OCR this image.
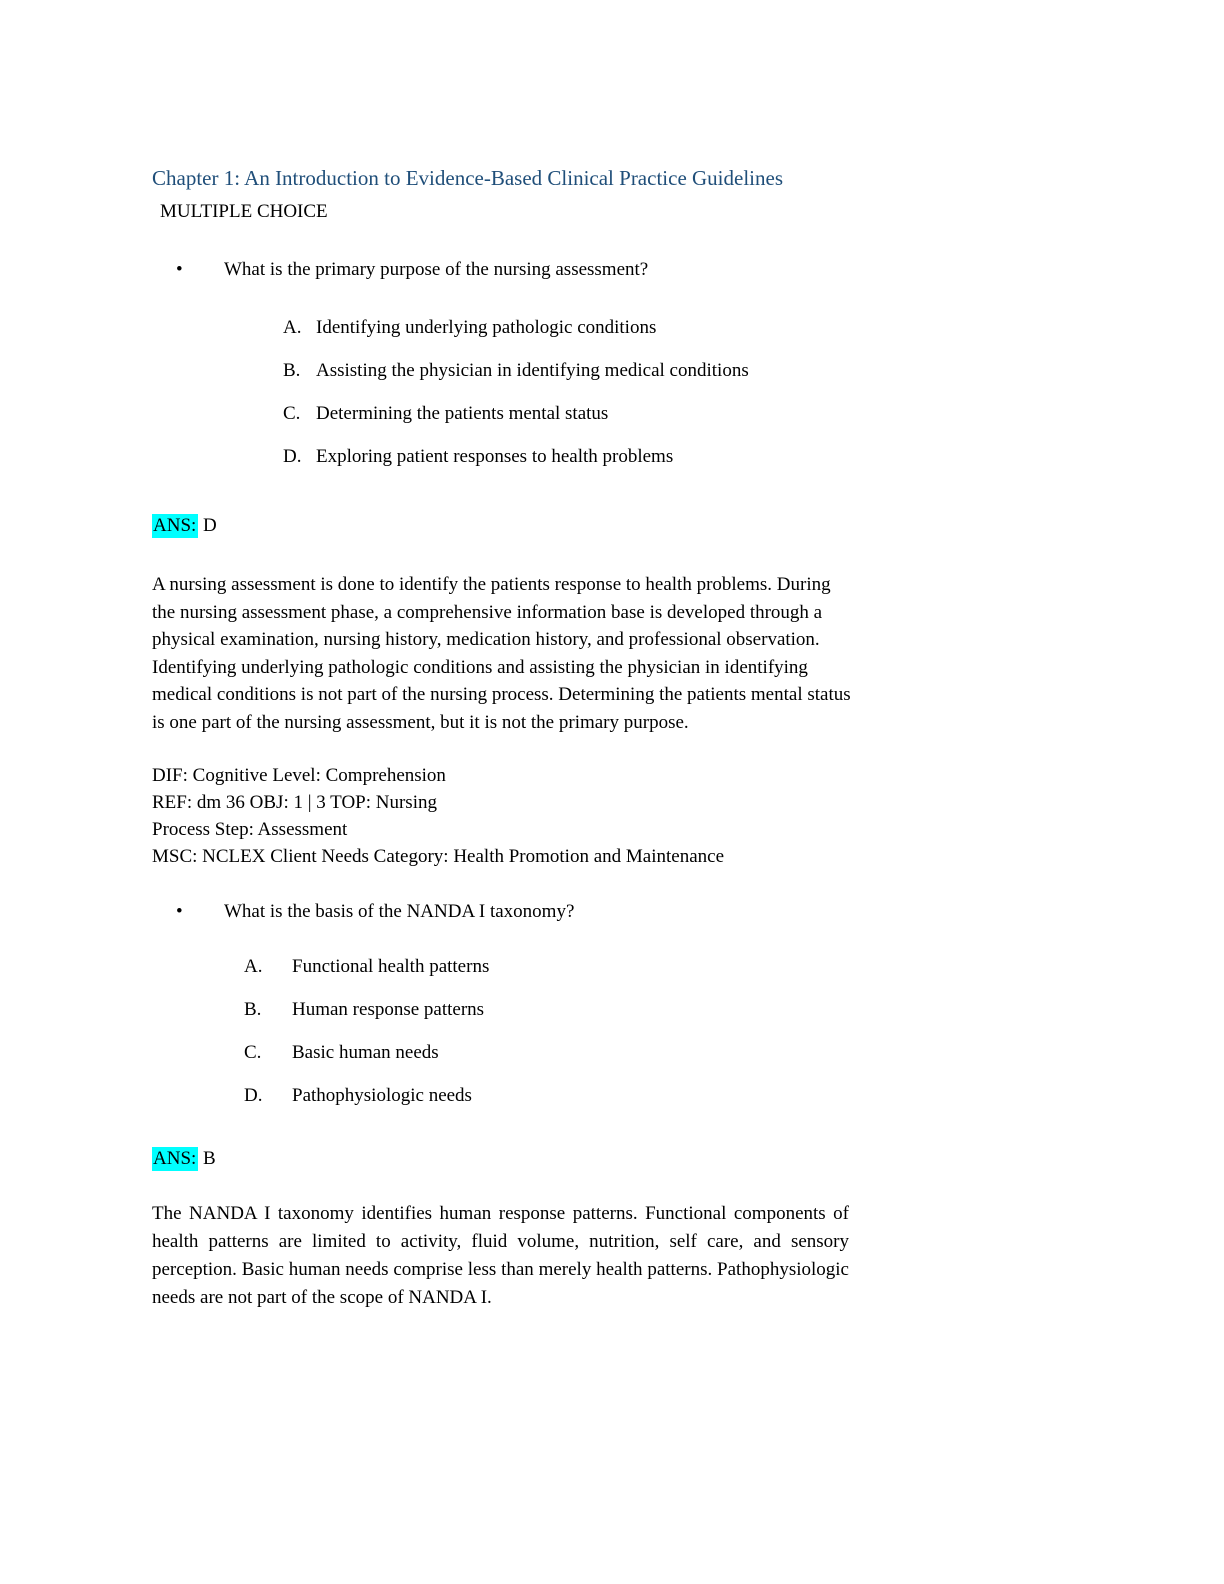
Chapter 1: An Introduction to Evidence-Based Clinical Practice Guidelines
MULTIPLE CHOICE
•	What is the primary purpose of the nursing assessment?
A. Identifying underlying pathologic conditions
B. Assisting the physician in identifying medical conditions
C. Determining the patients mental status
D. Exploring patient responses to health problems
ANS: D
A nursing assessment is done to identify the patients response to health problems. During the nursing assessment phase, a comprehensive information base is developed through a physical examination, nursing history, medication history, and professional observation. Identifying underlying pathologic conditions and assisting the physician in identifying medical conditions is not part of the nursing process. Determining the patients mental status is one part of the nursing assessment, but it is not the primary purpose.
DIF: Cognitive Level: Comprehension
REF: dm 36 OBJ: 1 | 3 TOP: Nursing
Process Step: Assessment
MSC: NCLEX Client Needs Category: Health Promotion and Maintenance
•	What is the basis of the NANDA I taxonomy?
A.	Functional health patterns
B.	Human response patterns
C.	Basic human needs
D.	Pathophysiologic needs
ANS: B
The NANDA I taxonomy identifies human response patterns. Functional components of health patterns are limited to activity, fluid volume, nutrition, self care, and sensory perception. Basic human needs comprise less than merely health patterns. Pathophysiologic needs are not part of the scope of NANDA I.
